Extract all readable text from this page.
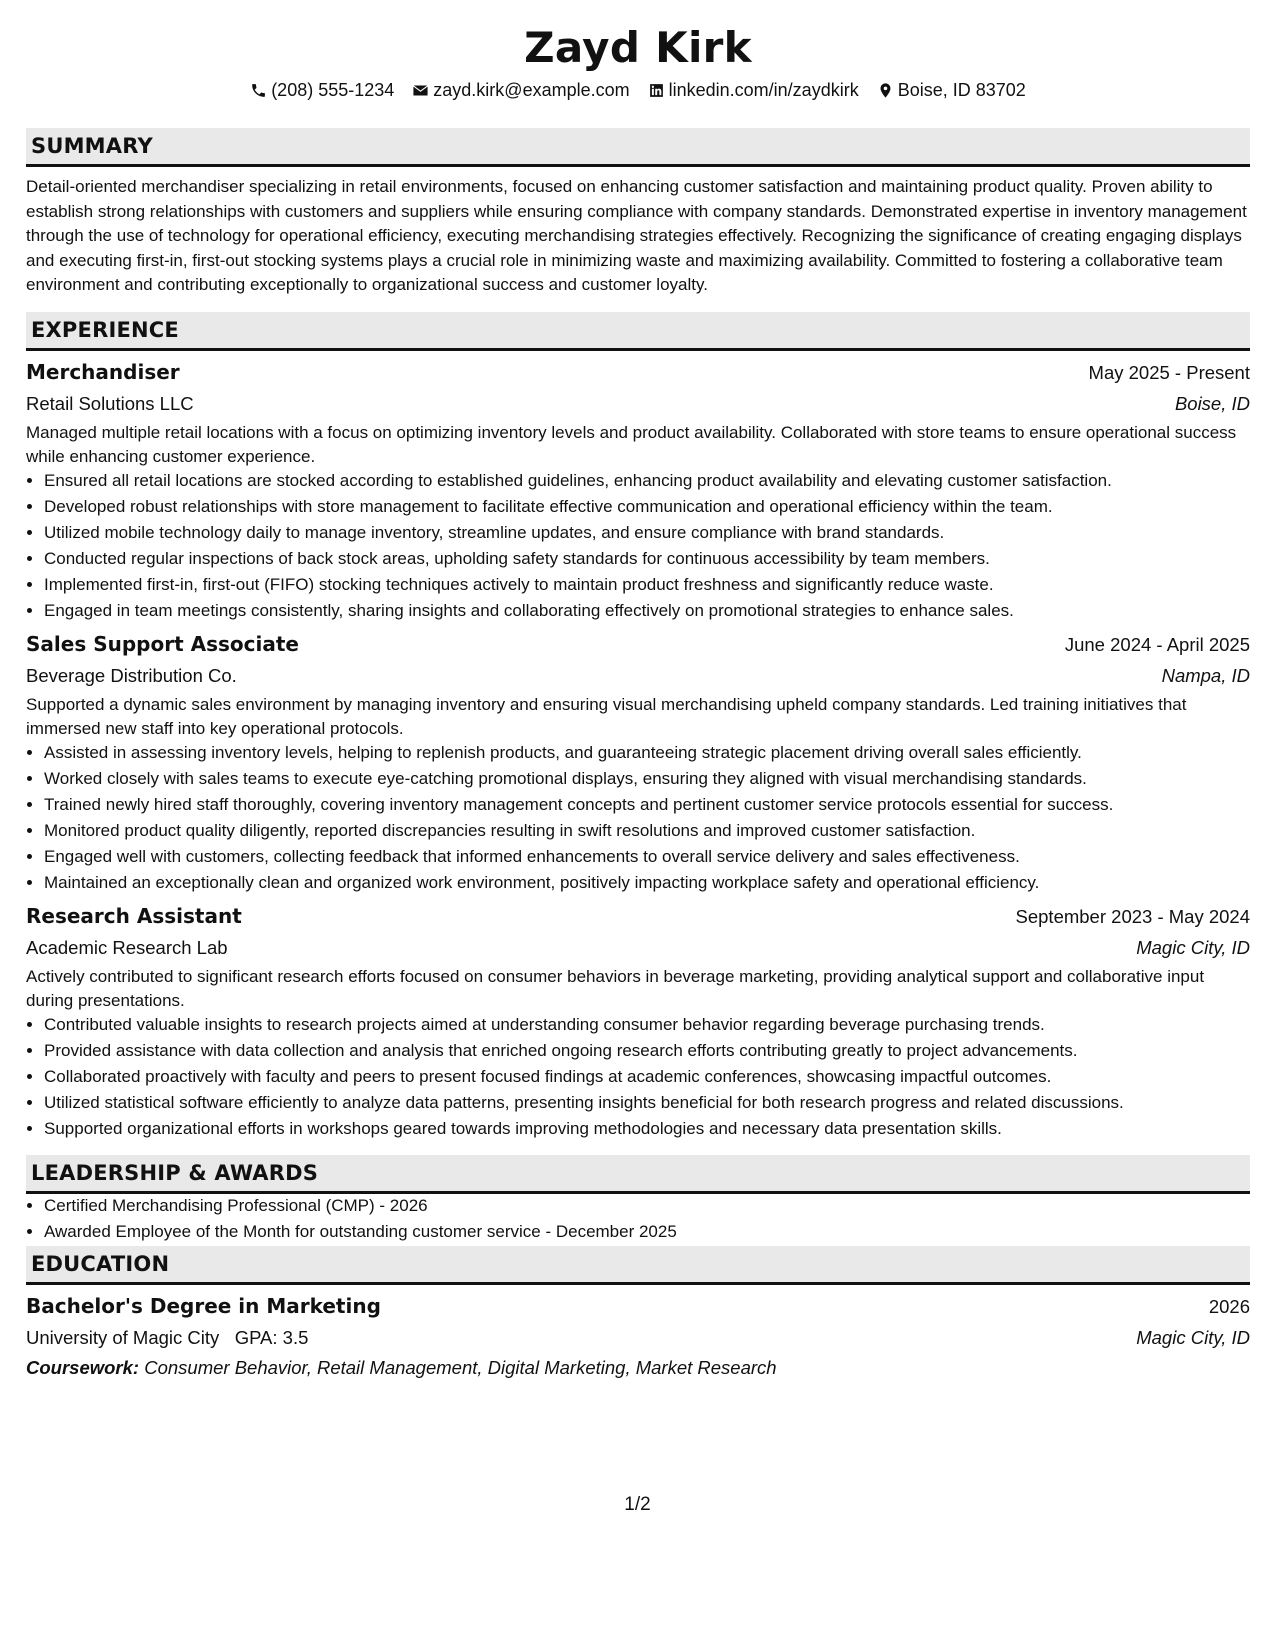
Zayd Kirk
(208) 555-1234 zayd.kirk@example.com linkedin.com/in/zaydkirk Boise, ID 83702
SUMMARY

Detail-oriented merchandiser specializing in retail environments, focused on enhancing customer satisfaction and maintaining product quality. Proven ability to establish strong relationships with customers and suppliers while ensuring compliance with company standards. Demonstrated expertise in inventory management through the use of technology for operational efficiency, executing merchandising strategies effectively. Recognizing the significance of creating engaging displays and executing first-in, first-out stocking systems plays a crucial role in minimizing waste and maximizing availability. Committed to fostering a collaborative team environment and contributing exceptionally to organizational success and customer loyalty.

EXPERIENCE
Merchandiser	May 2025 - Present
Retail Solutions LLC	Boise, ID

Managed multiple retail locations with a focus on optimizing inventory levels and product availability. Collaborated with store teams to ensure operational success while enhancing customer experience.

• Ensured all retail locations are stocked according to established guidelines, enhancing product availability and elevating customer satisfaction.
• Developed robust relationships with store management to facilitate effective communication and operational efficiency within the team.
• Utilized mobile technology daily to manage inventory, streamline updates, and ensure compliance with brand standards.
• Conducted regular inspections of back stock areas, upholding safety standards for continuous accessibility by team members.
• Implemented first-in, first-out (FIFO) stocking techniques actively to maintain product freshness and significantly reduce waste.
• Engaged in team meetings consistently, sharing insights and collaborating effectively on promotional strategies to enhance sales.
Sales Support Associate	June 2024 - April 2025
Beverage Distribution Co.	Nampa, ID

Supported a dynamic sales environment by managing inventory and ensuring visual merchandising upheld company standards. Led training initiatives that immersed new staff into key operational protocols.

• Assisted in assessing inventory levels, helping to replenish products, and guaranteeing strategic placement driving overall sales efficiently.
• Worked closely with sales teams to execute eye-catching promotional displays, ensuring they aligned with visual merchandising standards.
• Trained newly hired staff thoroughly, covering inventory management concepts and pertinent customer service protocols essential for success.
• Monitored product quality diligently, reported discrepancies resulting in swift resolutions and improved customer satisfaction.
• Engaged well with customers, collecting feedback that informed enhancements to overall service delivery and sales effectiveness.
• Maintained an exceptionally clean and organized work environment, positively impacting workplace safety and operational efficiency.
Research Assistant	September 2023 - May 2024
Academic Research Lab	Magic City, ID

Actively contributed to significant research efforts focused on consumer behaviors in beverage marketing, providing analytical support and collaborative input during presentations.

• Contributed valuable insights to research projects aimed at understanding consumer behavior regarding beverage purchasing trends.
• Provided assistance with data collection and analysis that enriched ongoing research efforts contributing greatly to project advancements.
• Collaborated proactively with faculty and peers to present focused findings at academic conferences, showcasing impactful outcomes.
• Utilized statistical software efficiently to analyze data patterns, presenting insights beneficial for both research progress and related discussions.
• Supported organizational efforts in workshops geared towards improving methodologies and necessary data presentation skills.
LEADERSHIP & AWARDS
• Certified Merchandising Professional (CMP) - 2026
• Awarded Employee of the Month for outstanding customer service - December 2025
EDUCATION
Bachelor's Degree in Marketing	2026
University of Magic City GPA: 3.5	Magic City, ID
Coursework: Consumer Behavior, Retail Management, Digital Marketing, Market Research
1/2
